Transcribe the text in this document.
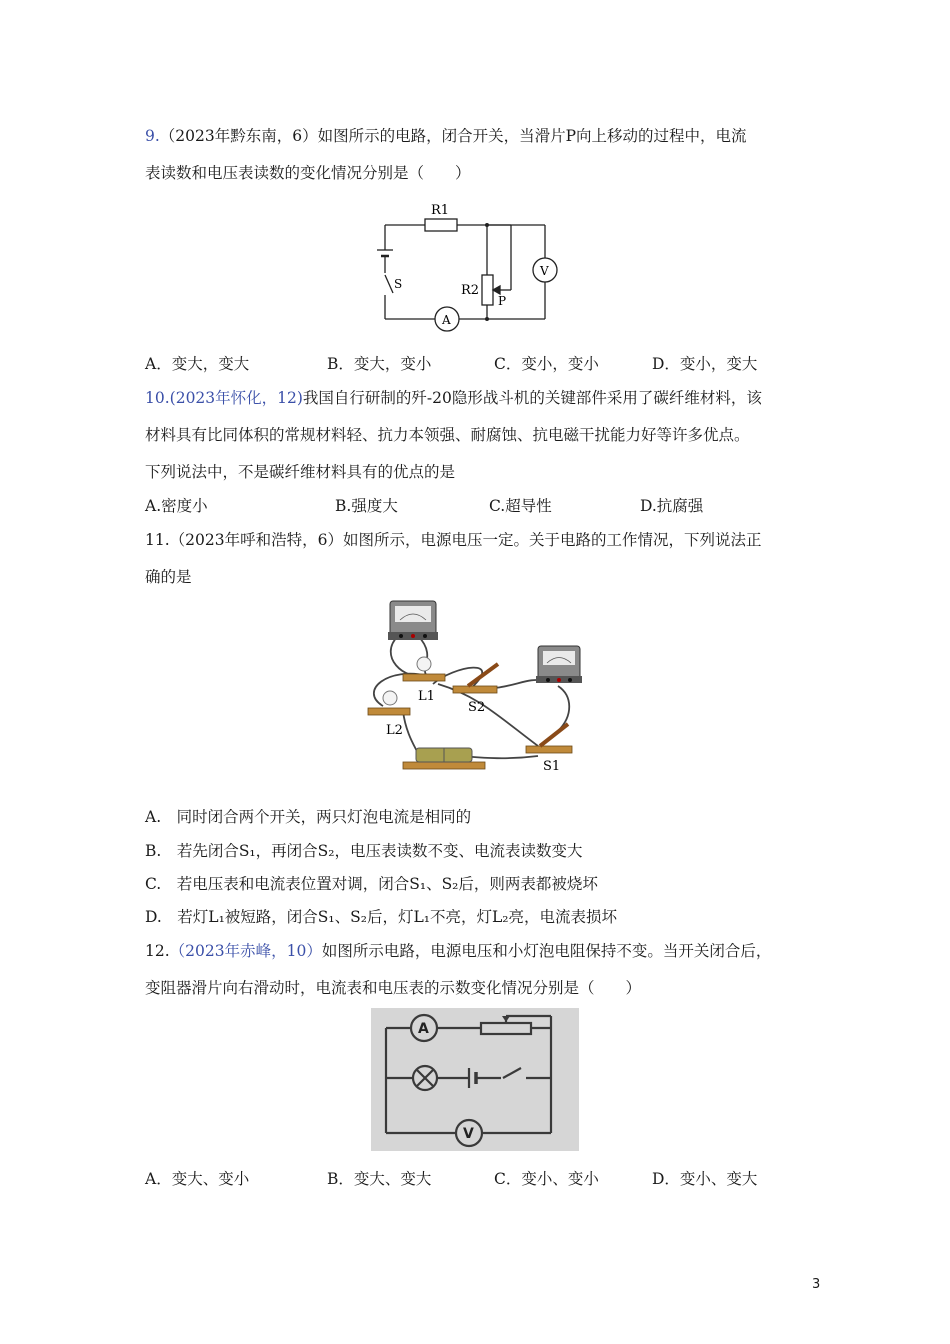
9.（2023年黔东南，6）如图所示的电路，闭合开关，当滑片P向上移动的过程中，电流
表读数和电压表读数的变化情况分别是（　　）
R1
R2
P
S
A
V
A．变大，变大	B．变大，变小	C．变小，变小	D．变小，变大
10.(2023年怀化，12)我国自行研制的歼-20隐形战斗机的关键部件采用了碳纤维材料，该
材料具有比同体积的常规材料轻、抗力本领强、耐腐蚀、抗电磁干扰能力好等许多优点。
下列说法中，不是碳纤维材料具有的优点的是
A.密度小	B.强度大	C.超导性	D.抗腐强
11.（2023年呼和浩特，6）如图所示，电源电压一定。关于电路的工作情况，下列说法正
确的是
L1
L2
S2
S1
A.　同时闭合两个开关，两只灯泡电流是相同的
B.　若先闭合S₁，再闭合S₂，电压表读数不变、电流表读数变大
C.　若电压表和电流表位置对调，闭合S₁、S₂后，则两表都被烧坏
D.　若灯L₁被短路，闭合S₁、S₂后，灯L₁不亮，灯L₂亮，电流表损坏
12.（2023年赤峰，10）如图所示电路，电源电压和小灯泡电阻保持不变。当开关闭合后，
变阻器滑片向右滑动时，电流表和电压表的示数变化情况分别是（　　）
A
V
A．变大、变小	B．变大、变大	C．变小、变小	D．变小、变大
3
